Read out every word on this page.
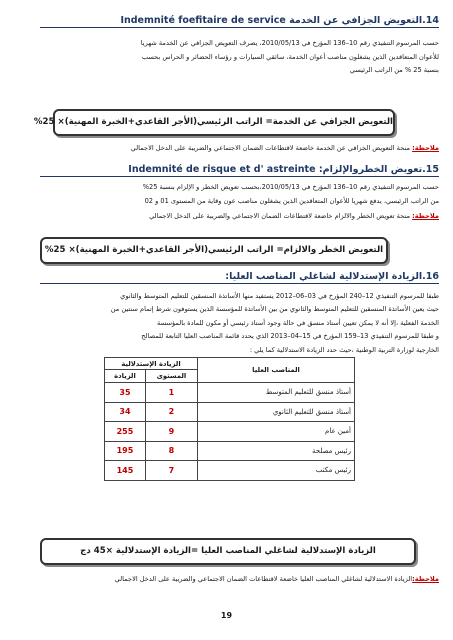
14.التعويض الجزافي عن الخدمة Indemnité foefitaire de service
حسب المرسوم التنفيذي رقم 10–136 المؤرخ في 2010/05/13، يصرف التعويض الجزافي عن الخدمة شهريا
للأعوان المتعاقدين الذين يشغلون مناصب أعوان الخدمة، سائقي السيارات و رؤساء الحضائر و الحراس بحسب
بنسبة 25 % من الراتب الرئيسي
التعويض الجزافي عن الخدمة= الراتب الرئيسي(الأجر القاعدي+الخبرة المهنية)× 25%
ملاحظة: منحة التعويض الجزافي عن الخدمة خاضعة لاقتطاعات الضمان الاجتماعي والضريبة على الدخل الاجمالي
15.تعويض الخطروالإلزام: Indemnité de risque et d' astreinte
حسب المرسوم التنفيذي رقم 10–136 المؤرخ في 2010/05/13،بحسب تعويض الخطر و الإلزام بنسبة 25%
من الراتب الرئيسي، يدفع شهريا للأعوان المتعاقدين الذين يشغلون مناصب عون وقاية من المستوى 01 و 02
ملاحظة: منحة تعويض الخطر والالزام خاضعة لاقتطاعات الضمان الاجتماعي والضريبة على الدخل الاجمالي
التعويض الخطر والالزام= الراتب الرئيسي(الأجر القاعدي+الخبرة المهنية)× 25%
16.الزيادة الإستدلالية لشاغلي المناصب العليا:
طبقا للمرسوم التنفيذي 12–240 المؤرخ في 03–06–2012 يستفيد منها الأساتذة المنسقين للتعليم المتوسط والثانوي
حيث يعين الأساتذة المنسقين للتعليم المتوسط والثانوي من بين الأساتذة للمؤسسة الذين يستوفون شرط إتمام سنتين من
الخدمة الفعلية ،إلا أنه لا يمكن تعيين أستاذ منسق في حالة وجود أستاذ رئيسي أو مكون للمادة بالمؤسسة
و طبقا للمرسوم التنفيذي 13–159 المؤرخ في 15–04–2013 الذي يحدد قائمة المناصب العليا التابعة للمصالح
الخارجية لوزارة التربية الوطنية ،حيث حدد الزيادة الاستدلالية كما يلي :
المناصب العليا	الزيادة الإستدلالية	
	المستوى	الزيادة
أستاذ منسق للتعليم المتوسط	1	35
أستاذ منسق للتعليم الثانوي	2	34
أمين عام	9	255
رئيس مصلحة	8	195
رئيس مكتب	7	145
الزيادة الإستدلالية لشاغلي المناصب العليا =الزيادة الإستدلالية ×45 دج
ملاحظة:الزيادة الاستدلالية لشاغلي المناصب العليا خاضعة لاقتطاعات الضمان الاجتماعي والضريبة على الدخل الاجمالي
19
